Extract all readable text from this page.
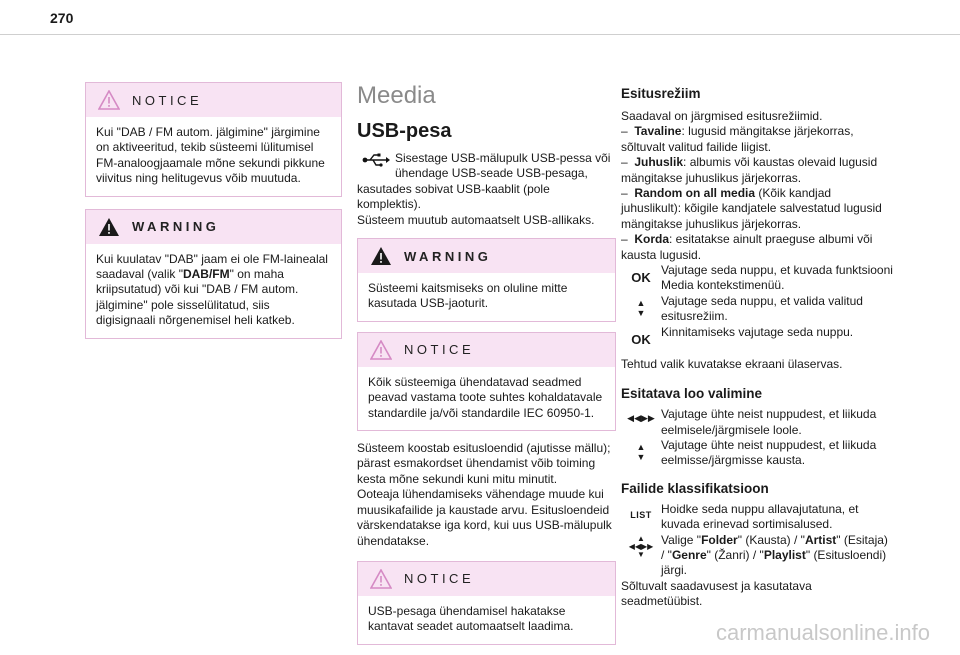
270
NOTICE
Kui "DAB / FM autom. jälgimine" järgimine on aktiveeritud, tekib süsteemi lülitumisel FM-analoogjaamale mõne sekundi pikkune viivitus ning helitugevus võib muutuda.
WARNING
Kui kuulatav "DAB" jaam ei ole FM-lainealal saadaval (valik "DAB/FM" on maha kriipsutatud) või kui "DAB / FM autom. jälgimine" pole sisselülitatud, siis digisignaali nõrgenemisel heli katkeb.
Meedia
USB-pesa

Sisestage USB-mälupulk USB-pessa või ühendage USB-seade USB-pesaga,

kasutades sobivat USB-kaablit (pole komplektis).

Süsteem muutub automaatselt USB-allikaks.

WARNING
Süsteemi kaitsmiseks on oluline mitte kasutada USB-jaoturit.
NOTICE
Kõik süsteemiga ühendatavad seadmed peavad vastama toote suhtes kohaldatavale standardile ja/või standardile IEC 60950-1.

Süsteem koostab esitusloendid (ajutisse mällu); pärast esmakordset ühendamist võib toiming kesta mõne sekundi kuni mitu minutit.
Ooteaja lühendamiseks vähendage muude kui muusikafailide ja kaustade arvu. Esitusloendeid värskendatakse iga kord, kui uus USB-mälupulk ühendatakse.

NOTICE
USB-pesaga ühendamisel hakatakse kantavat seadet automaatselt laadima.
Esitusrežiim

Saadaval on järgmised esitusrežiimid.

–  Tavaline: lugusid mängitakse järjekorras, sõltuvalt valitud failide liigist.

–  Juhuslik: albumis või kaustas olevaid lugusid mängitakse juhuslikus järjekorras.

–  Random on all media (Kõik kandjad juhuslikult): kõigile kandjatele salvestatud lugusid mängitakse juhuslikus järjekorras.

–  Korda: esitatakse ainult praeguse albumi või kausta lugusid.

OK Vajutage seda nuppu, et kuvada funktsiooni Media kontekstimenüü.

▲
▼

Vajutage seda nuppu, et valida valitud esitusrežiim.

OK Kinnitamiseks vajutage seda nuppu.

Tehtud valik kuvatakse ekraani ülaservas.

Esitatava loo valimine
◀◀▶▶ Vajutage ühte neist nuppudest, et liikuda eelmisele/järgmisele loole.

▲
▼

Vajutage ühte neist nuppudest, et liikuda eelmisse/järgmisse kausta.

Failide klassifikatsioon
LIST Hoidke seda nuppu allavajutatuna, et kuvada erinevad sortimisalused.

▲
◀◀▶▶
▼

Valige "Folder" (Kausta) / "Artist" (Esitaja) / "Genre" (Žanri) / "Playlist" (Esitusloendi) järgi.

Sõltuvalt saadavusest ja kasutatava seadmetüübist.

carmanualsonline.info
